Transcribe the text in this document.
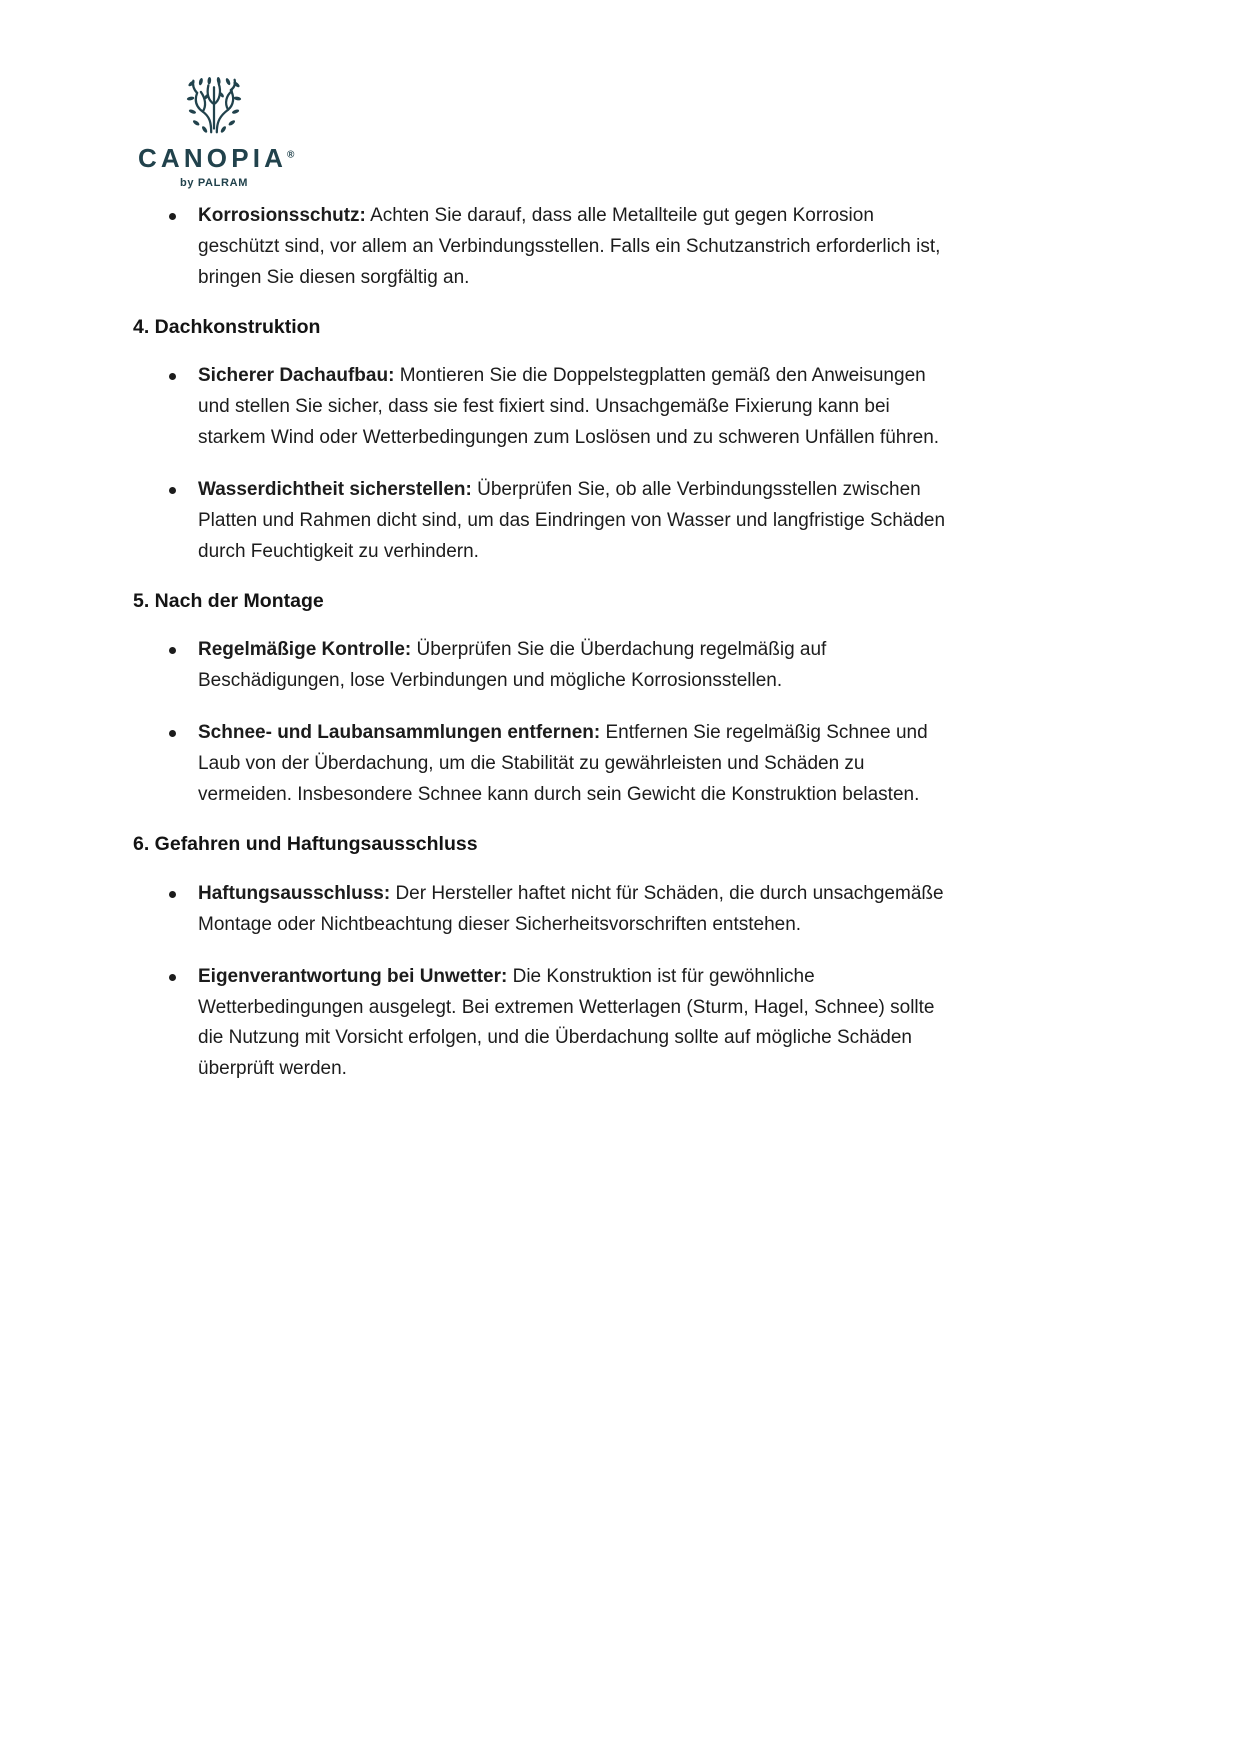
CANOPIA®
by PALRAM
Korrosionsschutz: Achten Sie darauf, dass alle Metallteile gut gegen Korrosion geschützt sind, vor allem an Verbindungsstellen. Falls ein Schutzanstrich erforderlich ist, bringen Sie diesen sorgfältig an.
4. Dachkonstruktion
Sicherer Dachaufbau: Montieren Sie die Doppelstegplatten gemäß den Anweisungen und stellen Sie sicher, dass sie fest fixiert sind. Unsachgemäße Fixierung kann bei starkem Wind oder Wetterbedingungen zum Loslösen und zu schweren Unfällen führen.
Wasserdichtheit sicherstellen: Überprüfen Sie, ob alle Verbindungsstellen zwischen Platten und Rahmen dicht sind, um das Eindringen von Wasser und langfristige Schäden durch Feuchtigkeit zu verhindern.
5. Nach der Montage
Regelmäßige Kontrolle: Überprüfen Sie die Überdachung regelmäßig auf Beschädigungen, lose Verbindungen und mögliche Korrosionsstellen.
Schnee- und Laubansammlungen entfernen: Entfernen Sie regelmäßig Schnee und Laub von der Überdachung, um die Stabilität zu gewährleisten und Schäden zu vermeiden. Insbesondere Schnee kann durch sein Gewicht die Konstruktion belasten.
6. Gefahren und Haftungsausschluss
Haftungsausschluss: Der Hersteller haftet nicht für Schäden, die durch unsachgemäße Montage oder Nichtbeachtung dieser Sicherheitsvorschriften entstehen.
Eigenverantwortung bei Unwetter: Die Konstruktion ist für gewöhnliche Wetterbedingungen ausgelegt. Bei extremen Wetterlagen (Sturm, Hagel, Schnee) sollte die Nutzung mit Vorsicht erfolgen, und die Überdachung sollte auf mögliche Schäden überprüft werden.
